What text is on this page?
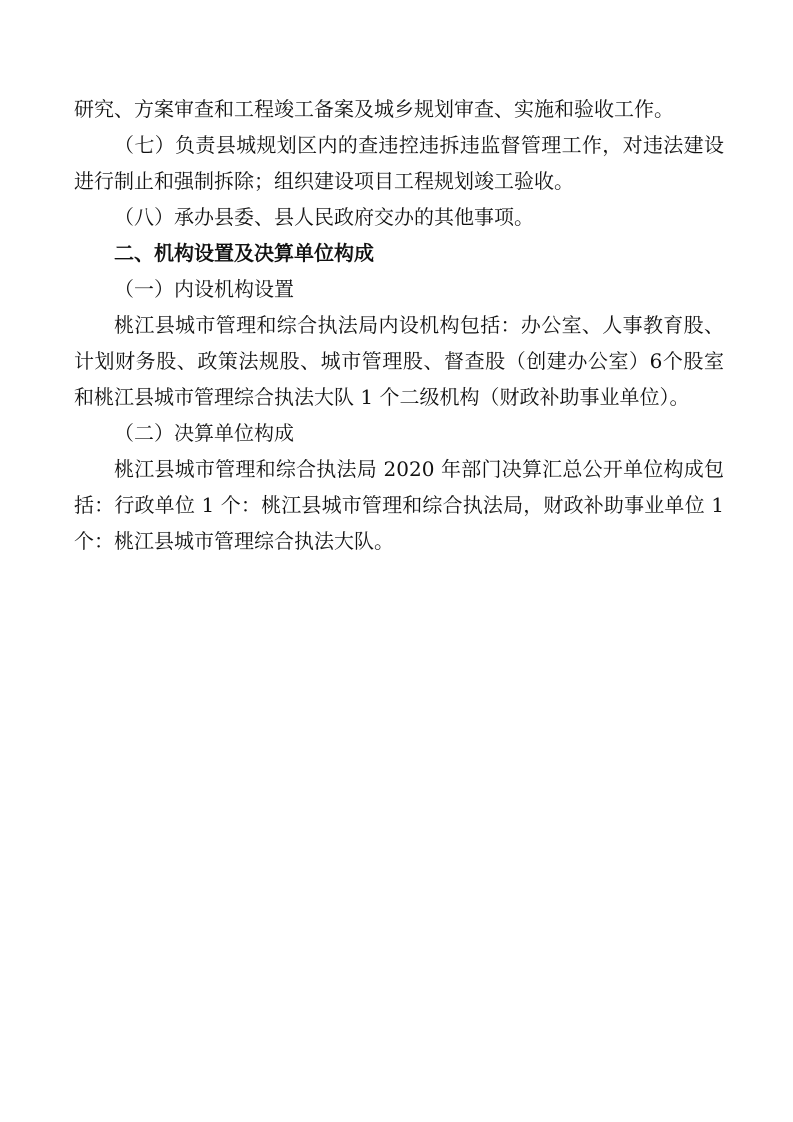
研究、方案审查和工程竣工备案及城乡规划审查、实施和验收工作。

（七）负责县城规划区内的查违控违拆违监督管理工作，对违法建设进行制止和强制拆除；组织建设项目工程规划竣工验收。

（八）承办县委、县人民政府交办的其他事项。

二、机构设置及决算单位构成

（一）内设机构设置

桃江县城市管理和综合执法局内设机构包括：办公室、人事教育股、计划财务股、政策法规股、城市管理股、督查股（创建办公室）6个股室和桃江县城市管理综合执法大队 1 个二级机构（财政补助事业单位）。

（二）决算单位构成

桃江县城市管理和综合执法局 2020 年部门决算汇总公开单位构成包括：行政单位 1 个：桃江县城市管理和综合执法局，财政补助事业单位 1 个：桃江县城市管理综合执法大队。
